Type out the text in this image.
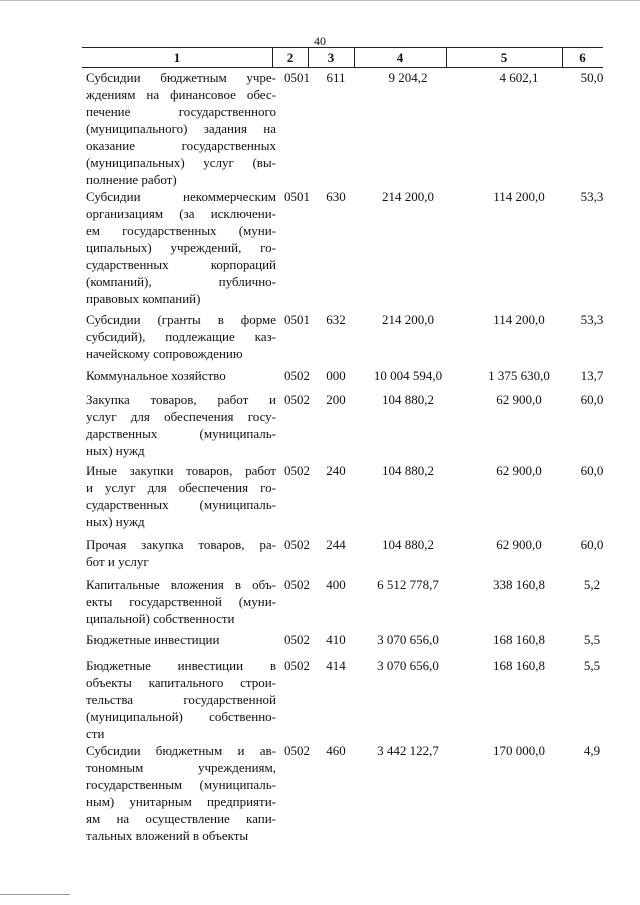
40
1	2	3	4	5	6
Субсидии бюджетным учре-
ждениям на финансовое обес-
печение государственного
(муниципального) задания на
оказание государственных
(муниципальных) услуг (вы-
полнение работ)
0501	611	9 204,2	4 602,1	50,0
Субсидии некоммерческим
организациям (за исключени-
ем государственных (муни-
ципальных) учреждений, го-
сударственных корпораций
(компаний), публично-
правовых компаний)
0501	630	214 200,0	114 200,0	53,3
Субсидии (гранты в форме
субсидий), подлежащие каз-
начейскому сопровождению
0501	632	214 200,0	114 200,0	53,3
Коммунальное хозяйство	0502	000	10 004 594,0	1 375 630,0	13,7
Закупка товаров, работ и
услуг для обеспечения госу-
дарственных (муниципаль-
ных) нужд
0502	200	104 880,2	62 900,0	60,0
Иные закупки товаров, работ
и услуг для обеспечения го-
сударственных (муниципаль-
ных) нужд
0502	240	104 880,2	62 900,0	60,0
Прочая закупка товаров, ра-
бот и услуг
0502	244	104 880,2	62 900,0	60,0
Капитальные вложения в объ-
екты государственной (муни-
ципальной) собственности
0502	400	6 512 778,7	338 160,8	5,2
Бюджетные инвестиции	0502	410	3 070 656,0	168 160,8	5,5
Бюджетные инвестиции в
объекты капитального строи-
тельства государственной
(муниципальной) собственно-
сти
0502	414	3 070 656,0	168 160,8	5,5
Субсидии бюджетным и ав-
тономным учреждениям,
государственным (муниципаль-
ным) унитарным предприяти-
ям на осуществление капи-
тальных вложений в объекты
0502	460	3 442 122,7	170 000,0	4,9
